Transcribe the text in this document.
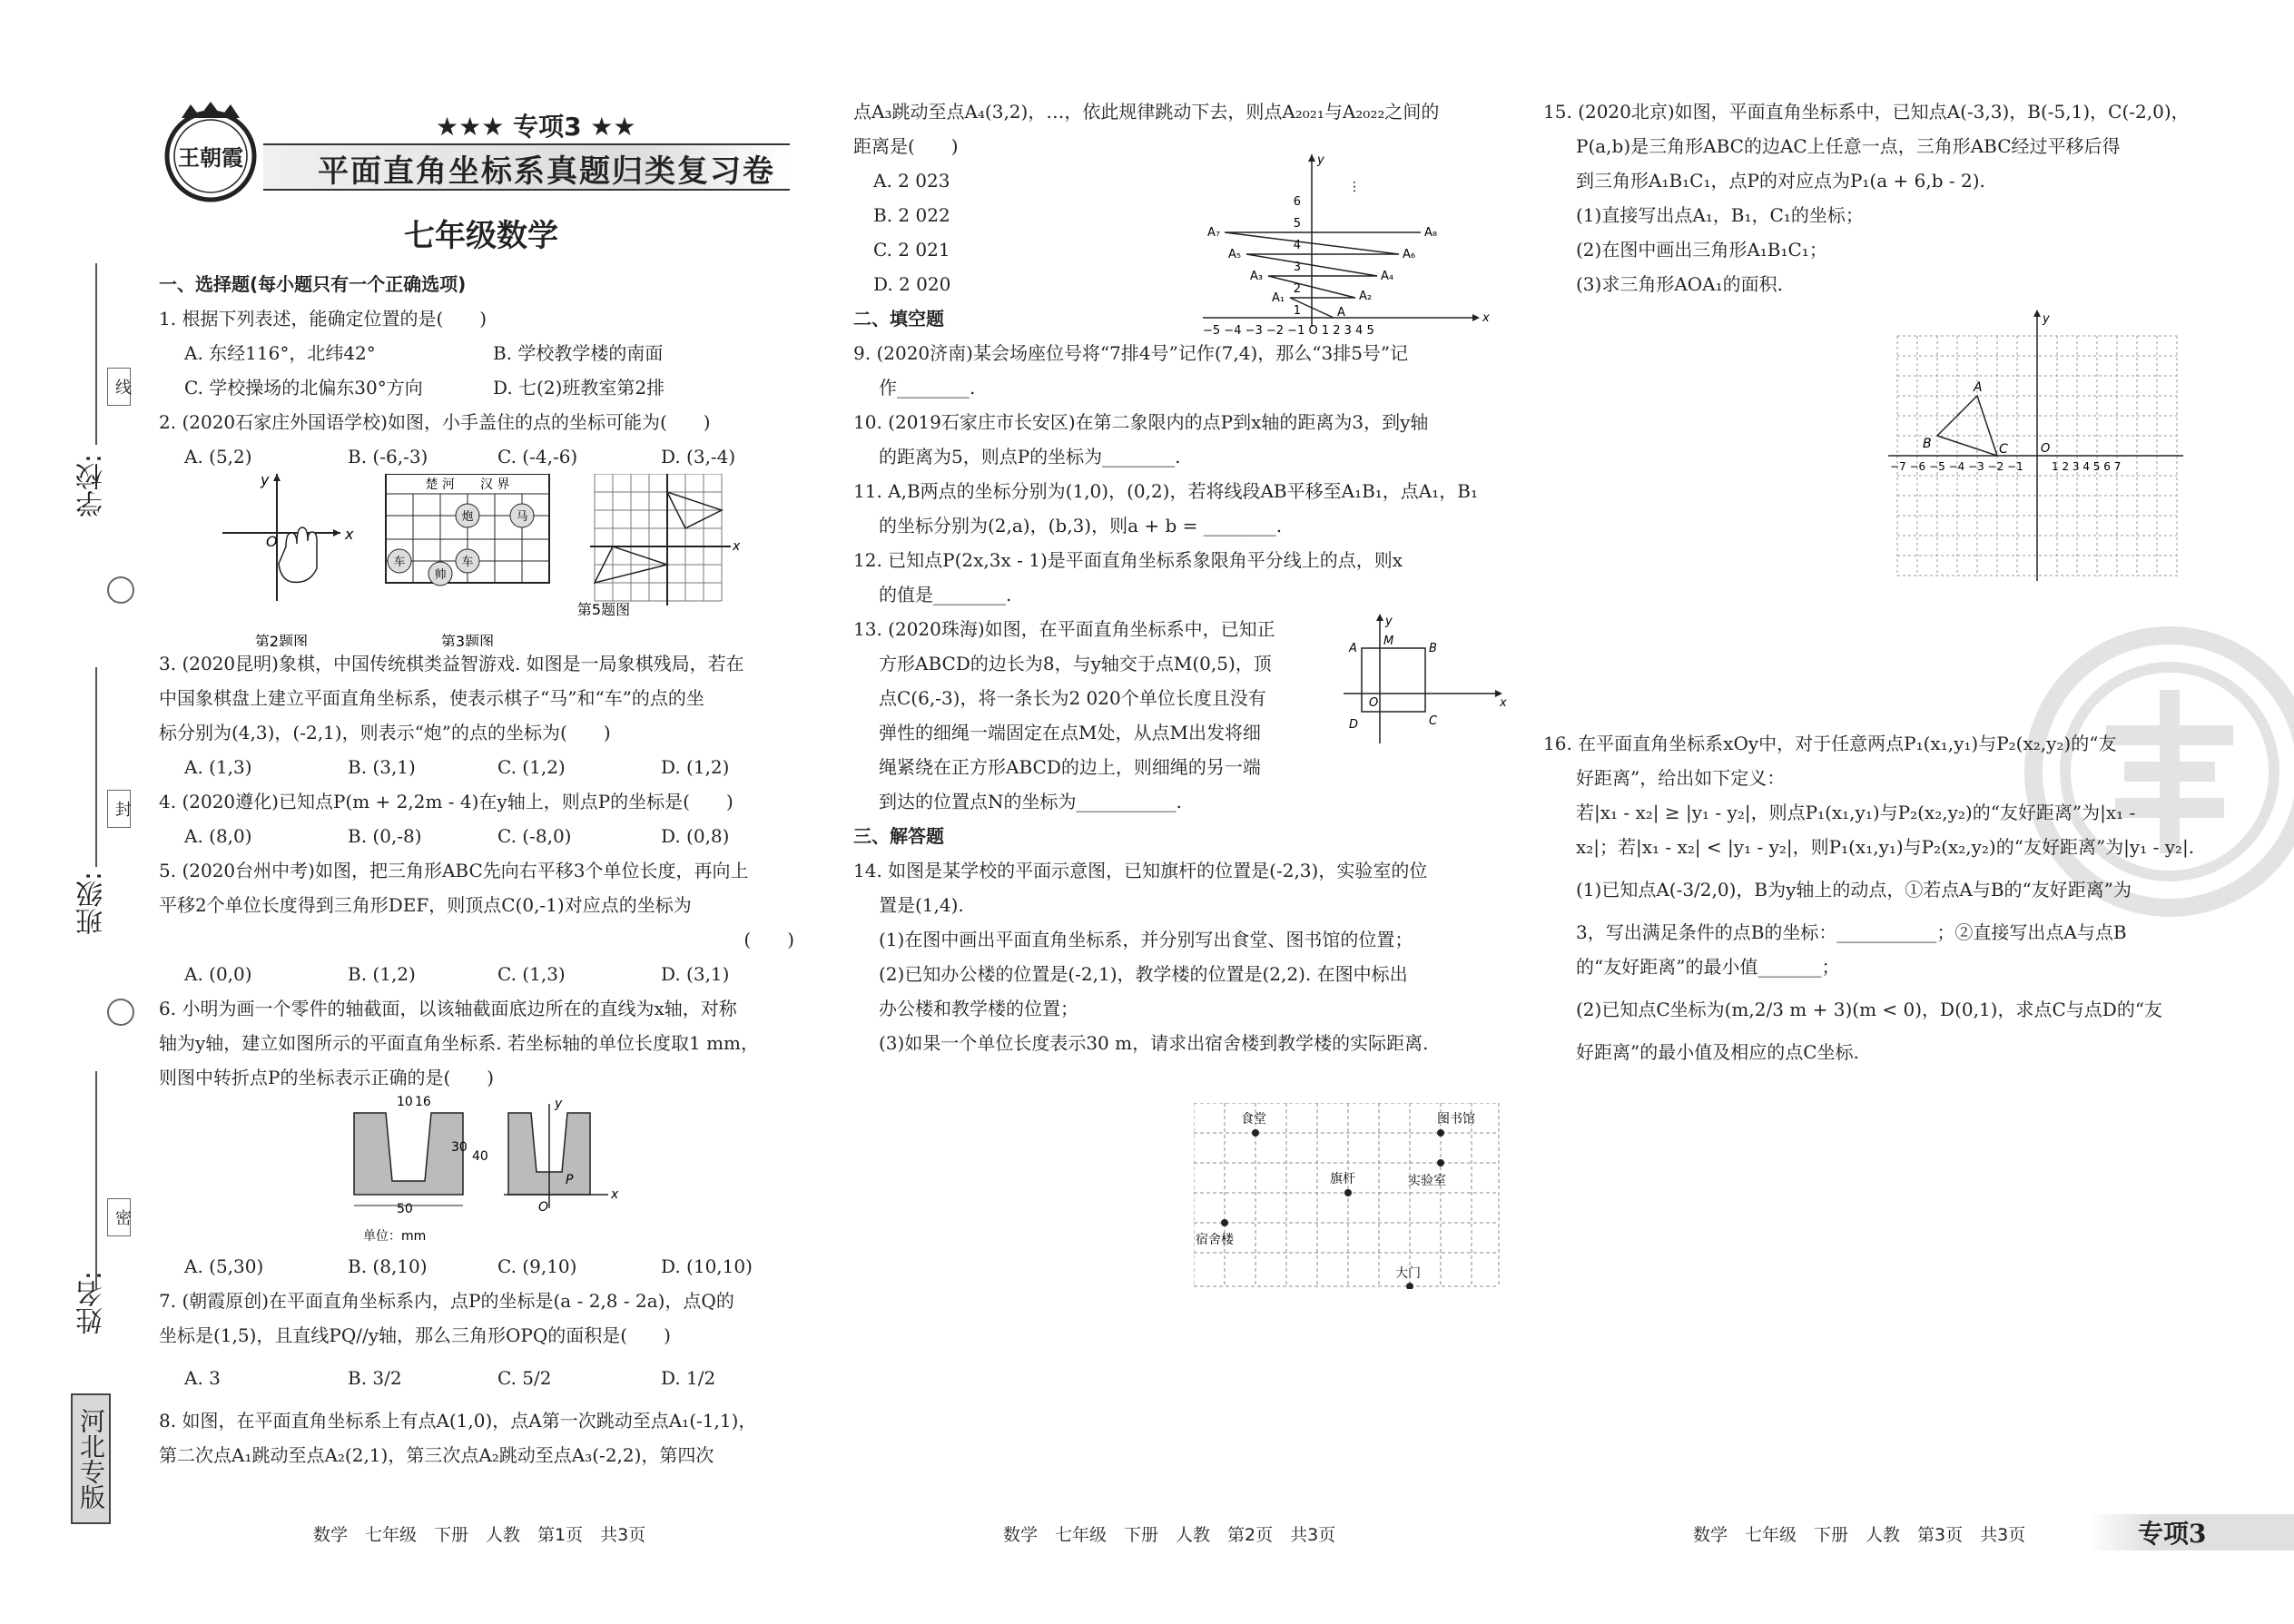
学校:
班级:
姓名:
线
封
密
河北专版
王朝霞
★★★ 专项3 ★★
平面直角坐标系真题归类复习卷
七年级数学

一、选择题(每小题只有一个正确选项)

1. 根据下列表述，能确定位置的是(　　)

A. 东经116°，北纬42°	B. 学校教学楼的南面
C. 学校操场的北偏东30°方向	D. 七(2)班教室第2排

2. (2020石家庄外国语学校)如图，小手盖住的点的坐标可能为(　　)

A. (5,2)	B. (-6,-3)	C. (-4,-6)	D. (3,-4)
O	x
y
第2题图
楚 河　　汉 界
炮	马
车
帅
车
第3题图
x
第5题图

3. (2020昆明)象棋，中国传统棋类益智游戏. 如图是一局象棋残局，若在

中国象棋盘上建立平面直角坐标系，使表示棋子“马”和“车”的点的坐

标分别为(4,3)，(-2,1)，则表示“炮”的点的坐标为(　　)

A. (1,3)	B. (3,1)	C. (1,2)	D. (1,2)

4. (2020遵化)已知点P(m + 2,2m - 4)在y轴上，则点P的坐标是(　　)

A. (8,0)	B. (0,-8)	C. (-8,0)	D. (0,8)

5. (2020台州中考)如图，把三角形ABC先向右平移3个单位长度，再向上

平移2个单位长度得到三角形DEF，则顶点C(0,-1)对应点的坐标为

(　　)

A. (0,0)	B. (1,2)	C. (1,3)	D. (3,1)

6. 小明为画一个零件的轴截面，以该轴截面底边所在的直线为x轴，对称

轴为y轴，建立如图所示的平面直角坐标系. 若坐标轴的单位长度取1 mm，

则图中转折点P的坐标表示正确的是(　　)

10 16
30
40
50
x
y
O
P
单位：mm
A. (5,30)	B. (8,10)	C. (9,10)	D. (10,10)

7. (朝霞原创)在平面直角坐标系内，点P的坐标是(a - 2,8 - 2a)，点Q的

坐标是(1,5)，且直线PQ//y轴，那么三角形OPQ的面积是(　　)

A. 3	B. 3/2	C. 5/2	D. 1/2

8. 如图，在平面直角坐标系上有点A(1,0)，点A第一次跳动至点A₁(-1,1)，

第二次点A₁跳动至点A₂(2,1)，第三次点A₂跳动至点A₃(-2,2)，第四次

点A₃跳动至点A₄(3,2)，…，依此规律跳动下去，则点A₂₀₂₁与A₂₀₂₂之间的

距离是(　　)

A. 2 023

B. 2 022

C. 2 021

D. 2 020

x
y
1
2
3
4
5
6
⋮
A₇
A₅
A₃
A₁
A
A₂
A₄
A₆
A₈
−5 −4 −3 −2 −1 O 1 2 3 4 5

二、填空题

9. (2020济南)某会场座位号将“7排4号”记作(7,4)，那么“3排5号”记

作________.

10. (2019石家庄市长安区)在第二象限内的点P到x轴的距离为3，到y轴

的距离为5，则点P的坐标为________.

11. A,B两点的坐标分别为(1,0)，(0,2)，若将线段AB平移至A₁B₁，点A₁，B₁

的坐标分别为(2,a)，(b,3)，则a + b = ________.

12. 已知点P(2x,3x - 1)是平面直角坐标系象限角平分线上的点，则x

的值是________.

13. (2020珠海)如图，在平面直角坐标系中，已知正

方形ABCD的边长为8，与y轴交于点M(0,5)，顶

点C(6,-3)，将一条长为2 020个单位长度且没有

弹性的细绳一端固定在点M处，从点M出发将细

绳紧绕在正方形ABCD的边上，则细绳的另一端

到达的位置点N的坐标为___________.

A
M
B
D	C
O	x
y

三、解答题

14. 如图是某学校的平面示意图，已知旗杆的位置是(-2,3)，实验室的位

置是(1,4).

(1)在图中画出平面直角坐标系，并分别写出食堂、图书馆的位置；

(2)已知办公楼的位置是(-2,1)，教学楼的位置是(2,2). 在图中标出

办公楼和教学楼的位置；

(3)如果一个单位长度表示30 m，请求出宿舍楼到教学楼的实际距离.

食堂	图书馆
旗杆	实验室
宿舍楼
大门

15. (2020北京)如图，平面直角坐标系中，已知点A(-3,3)，B(-5,1)，C(-2,0)，

P(a,b)是三角形ABC的边AC上任意一点，三角形ABC经过平移后得

到三角形A₁B₁C₁，点P的对应点为P₁(a + 6,b - 2).

(1)直接写出点A₁，B₁，C₁的坐标；

(2)在图中画出三角形A₁B₁C₁；

(3)求三角形AOA₁的面积.

y
O
A
B	C
−7 −6 −5 −4 −3 −2 −1	1 2 3 4 5 6 7

16. 在平面直角坐标系xOy中，对于任意两点P₁(x₁,y₁)与P₂(x₂,y₂)的“友

好距离”，给出如下定义：

若|x₁ - x₂| ≥ |y₁ - y₂|，则点P₁(x₁,y₁)与P₂(x₂,y₂)的“友好距离”为|x₁ -

x₂|；若|x₁ - x₂| < |y₁ - y₂|，则P₁(x₁,y₁)与P₂(x₂,y₂)的“友好距离”为|y₁ - y₂|.

(1)已知点A(-3/2,0)，B为y轴上的动点，①若点A与B的“友好距离”为

3，写出满足条件的点B的坐标：___________；②直接写出点A与点B

的“友好距离”的最小值_______；

(2)已知点C坐标为(m,2/3 m + 3)(m < 0)，D(0,1)，求点C与点D的“友

好距离”的最小值及相应的点C坐标.

数学　七年级　下册　人教　第1页　共3页	数学　七年级　下册　人教　第2页　共3页	数学　七年级　下册　人教　第3页　共3页	专项3
